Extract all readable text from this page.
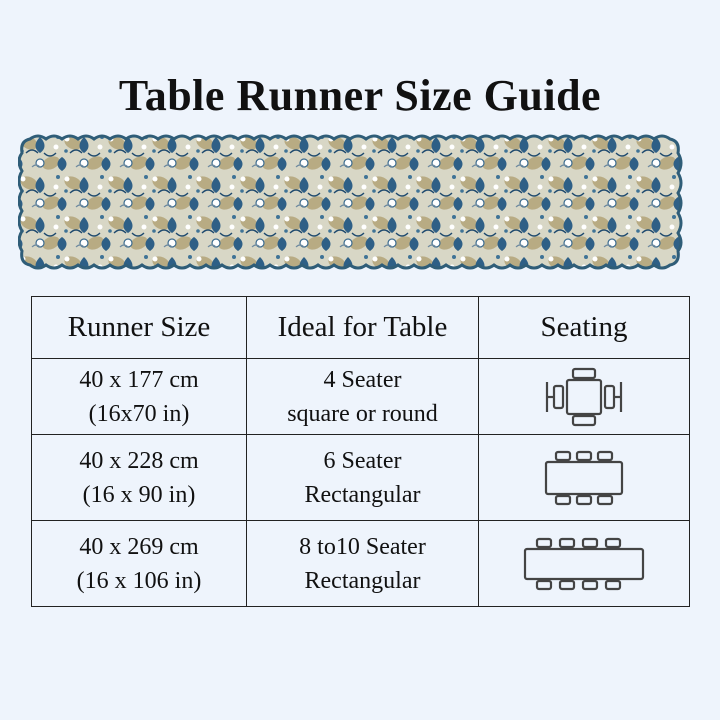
Table Runner Size Guide
Runner Size	Ideal for Table	Seating

40 x 177 cm
(16x70 in)	4 Seater
square or round

40 x 228 cm
(16 x 90 in)	6 Seater
Rectangular

40 x 269 cm
(16 x 106 in)	8 to10 Seater
Rectangular
